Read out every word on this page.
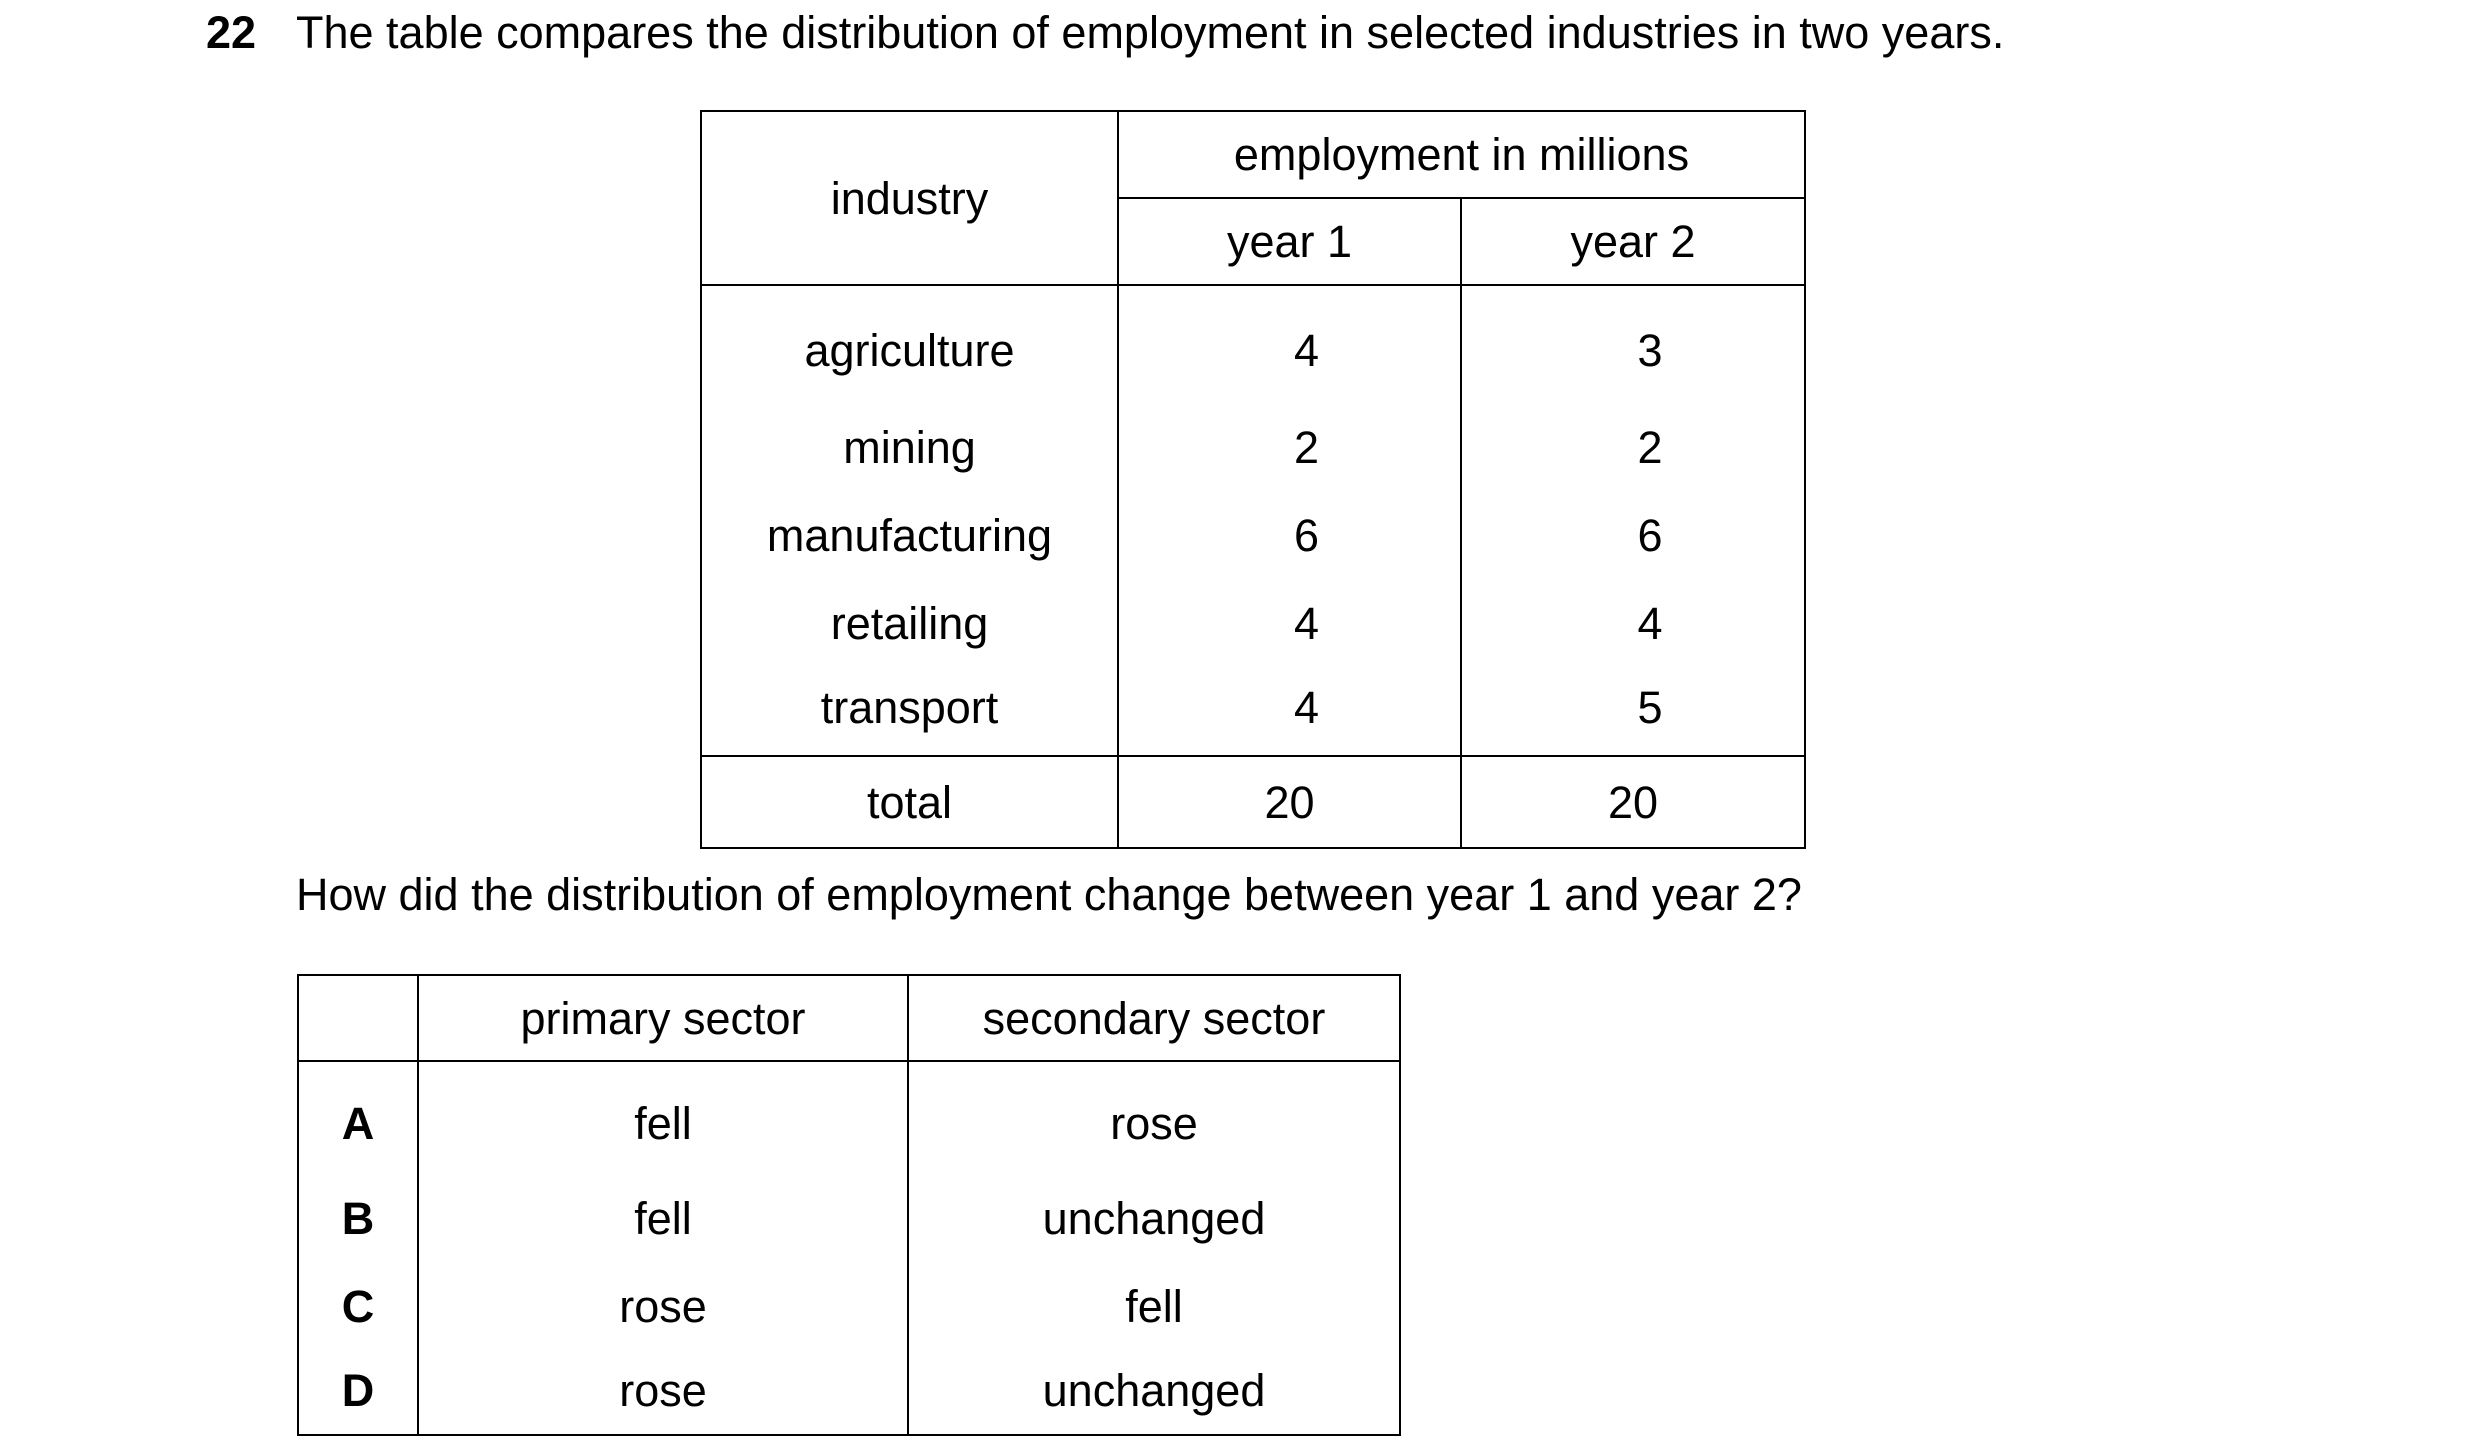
22 The table compares the distribution of employment in selected industries in two years.
industry	employment in millions	
	year 1	year 2
agriculture	4	3
mining	2	2
manufacturing	6	6
retailing	4	4
transport	4	5
total	20	20
How did the distribution of employment change between year 1 and year 2?
	primary sector	secondary sector
A	fell	rose
B	fell	unchanged
C	rose	fell
D	rose	unchanged
